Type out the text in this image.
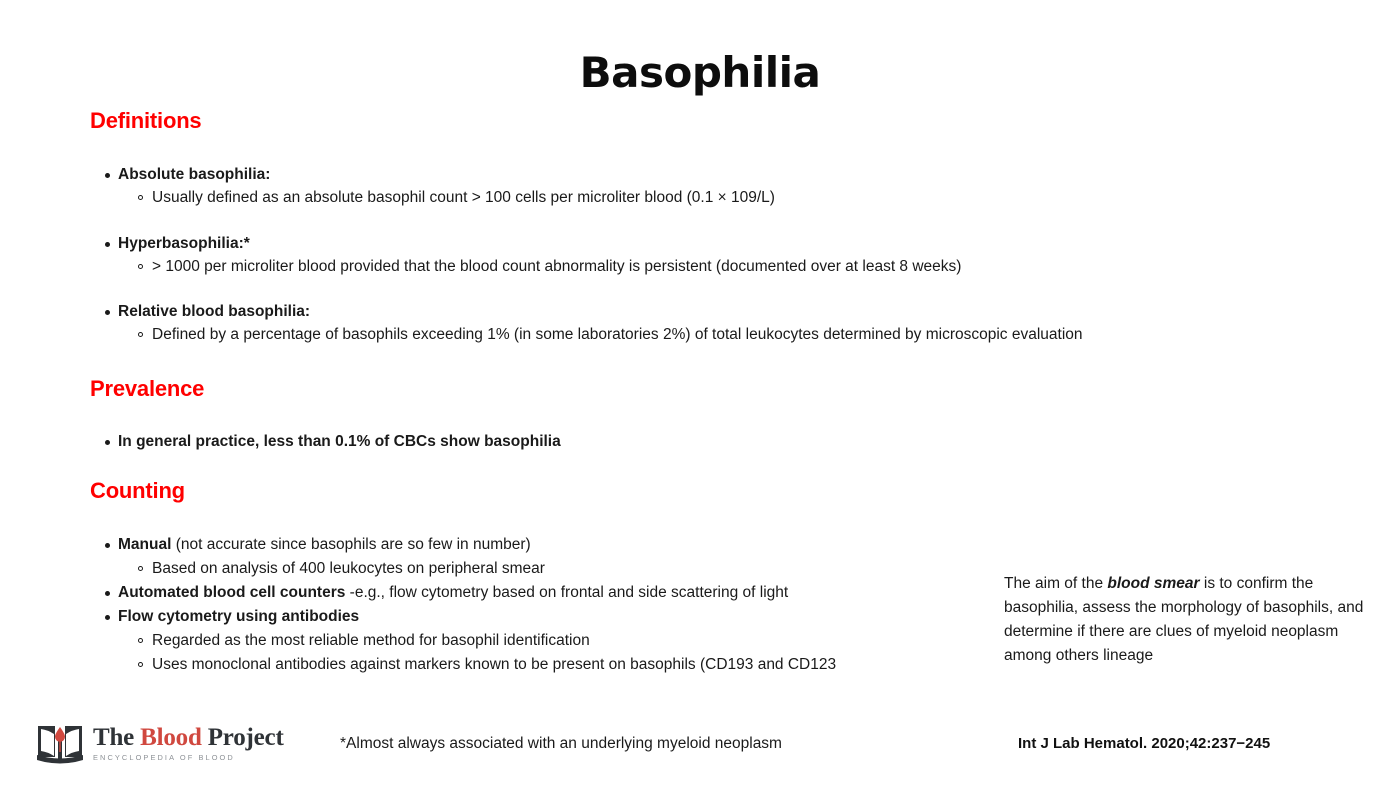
Basophilia
Definitions
Absolute basophilia:
Usually defined as an absolute basophil count > 100 cells per microliter blood (0.1 × 109/L)
Hyperbasophilia:*
> 1000 per microliter blood provided that the blood count abnormality is persistent (documented over at least 8 weeks)
Relative blood basophilia:
Defined by a percentage of basophils exceeding 1% (in some laboratories 2%) of total leukocytes determined by microscopic evaluation
Prevalence
In general practice, less than 0.1% of CBCs show basophilia
Counting
Manual (not accurate since basophils are so few in number)
Based on analysis of 400 leukocytes on peripheral smear
Automated blood cell counters -e.g., flow cytometry based on frontal and side scattering of light
Flow cytometry using antibodies
Regarded as the most reliable method for basophil identification
Uses monoclonal antibodies against markers known to be present on basophils (CD193 and CD123
The aim of the blood smear is to confirm the basophilia, assess the morphology of basophils, and determine if there are clues of myeloid neoplasm among others lineage
*Almost always associated with an underlying myeloid neoplasm	Int J Lab Hematol. 2020;42:237−245
The Blood Project
ENCYCLOPEDIA OF BLOOD
